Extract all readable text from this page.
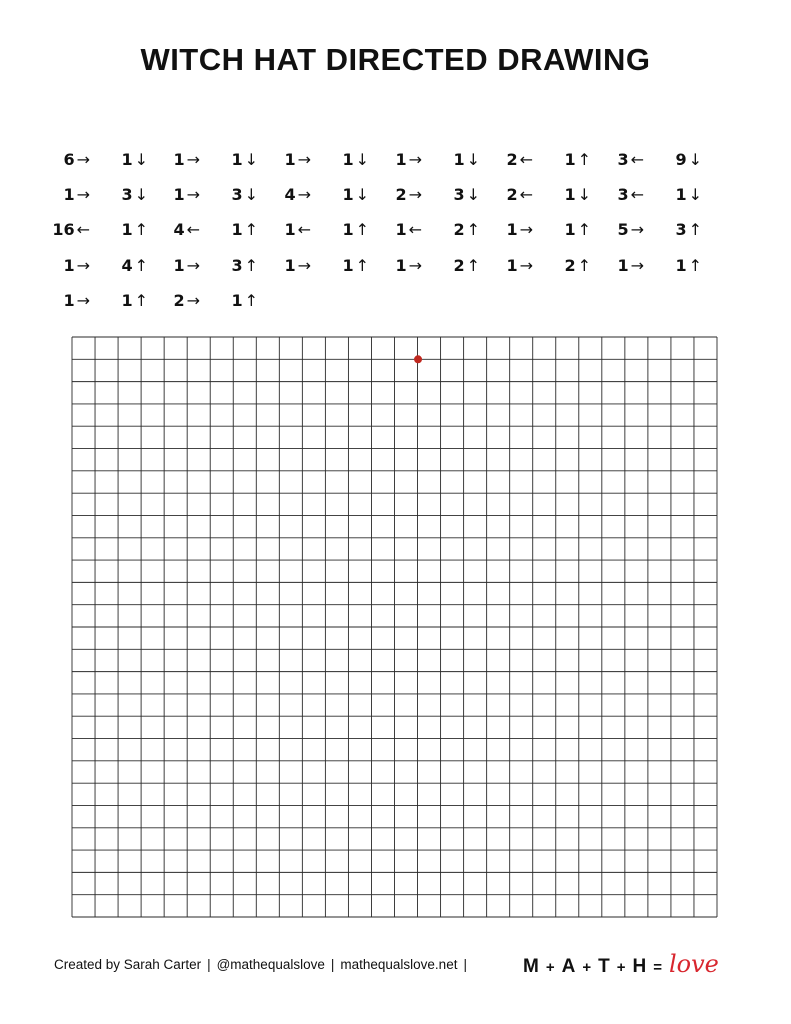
WITCH HAT DIRECTED DRAWING
6 →	1 ↓	1 →	1 ↓	1 →	1 ↓	1 →	1 ↓	2 ←	1 ↑	3 ←	9 ↓
1 →	3 ↓	1 →	3 ↓	4 →	1 ↓	2 →	3 ↓	2 ←	1 ↓	3 ←	1 ↓
16 ←	1 ↑	4 ←	1 ↑	1 ←	1 ↑	1 ←	2 ↑	1 →	1 ↑	5 →	3 ↑
1 →	4 ↑	1 →	3 ↑	1 →	1 ↑	1 →	2 ↑	1 →	2 ↑	1 →	1 ↑
1 →	1 ↑	2 →	1 ↑
Created by Sarah Carter | @mathequalslove | mathequalslove.net |	M + A + T + H = love
